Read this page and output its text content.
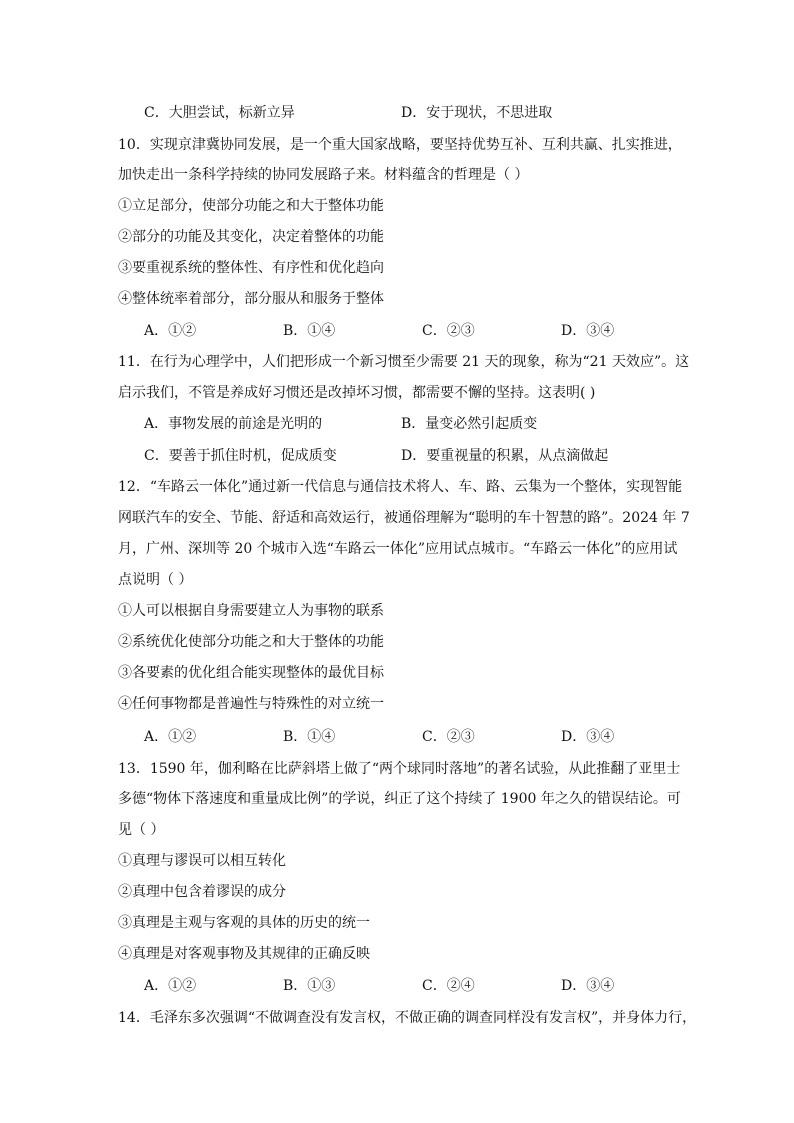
C．大胆尝试，标新立异	D．安于现状，不思进取
10．实现京津冀协同发展，是一个重大国家战略，要坚持优势互补、互利共赢、扎实推进，
加快走出一条科学持续的协同发展路子来。材料蕴含的哲理是（ ）
①立足部分，使部分功能之和大于整体功能
②部分的功能及其变化，决定着整体的功能
③要重视系统的整体性、有序性和优化趋向
④整体统率着部分，部分服从和服务于整体
A．①②	B．①④	C．②③	D．③④
11．在行为心理学中，人们把形成一个新习惯至少需要 21 天的现象，称为“21 天效应”。这
启示我们，不管是养成好习惯还是改掉坏习惯，都需要不懈的坚持。这表明( )
A．事物发展的前途是光明的	B．量变必然引起质变
C．要善于抓住时机，促成质变	D．要重视量的积累，从点滴做起
12．“车路云一体化”通过新一代信息与通信技术将人、车、路、云集为一个整体，实现智能
网联汽车的安全、节能、舒适和高效运行，被通俗理解为“聪明的车十智慧的路”。2024 年 7
月，广州、深圳等 20 个城市入选“车路云一体化”应用试点城市。“车路云一体化”的应用试
点说明（ ）
①人可以根据自身需要建立人为事物的联系
②系统优化使部分功能之和大于整体的功能
③各要素的优化组合能实现整体的最优目标
④任何事物都是普遍性与特殊性的对立统一
A．①②	B．①④	C．②③	D．③④
13．1590 年，伽利略在比萨斜塔上做了“两个球同时落地”的著名试验，从此推翻了亚里士
多德“物体下落速度和重量成比例”的学说，纠正了这个持续了 1900 年之久的错误结论。可
见（ ）
①真理与谬误可以相互转化
②真理中包含着谬误的成分
③真理是主观与客观的具体的历史的统一
④真理是对客观事物及其规律的正确反映
A．①②	B．①③	C．②④	D．③④
14．毛泽东多次强调“不做调查没有发言权，不做正确的调查同样没有发言权”，并身体力行，
